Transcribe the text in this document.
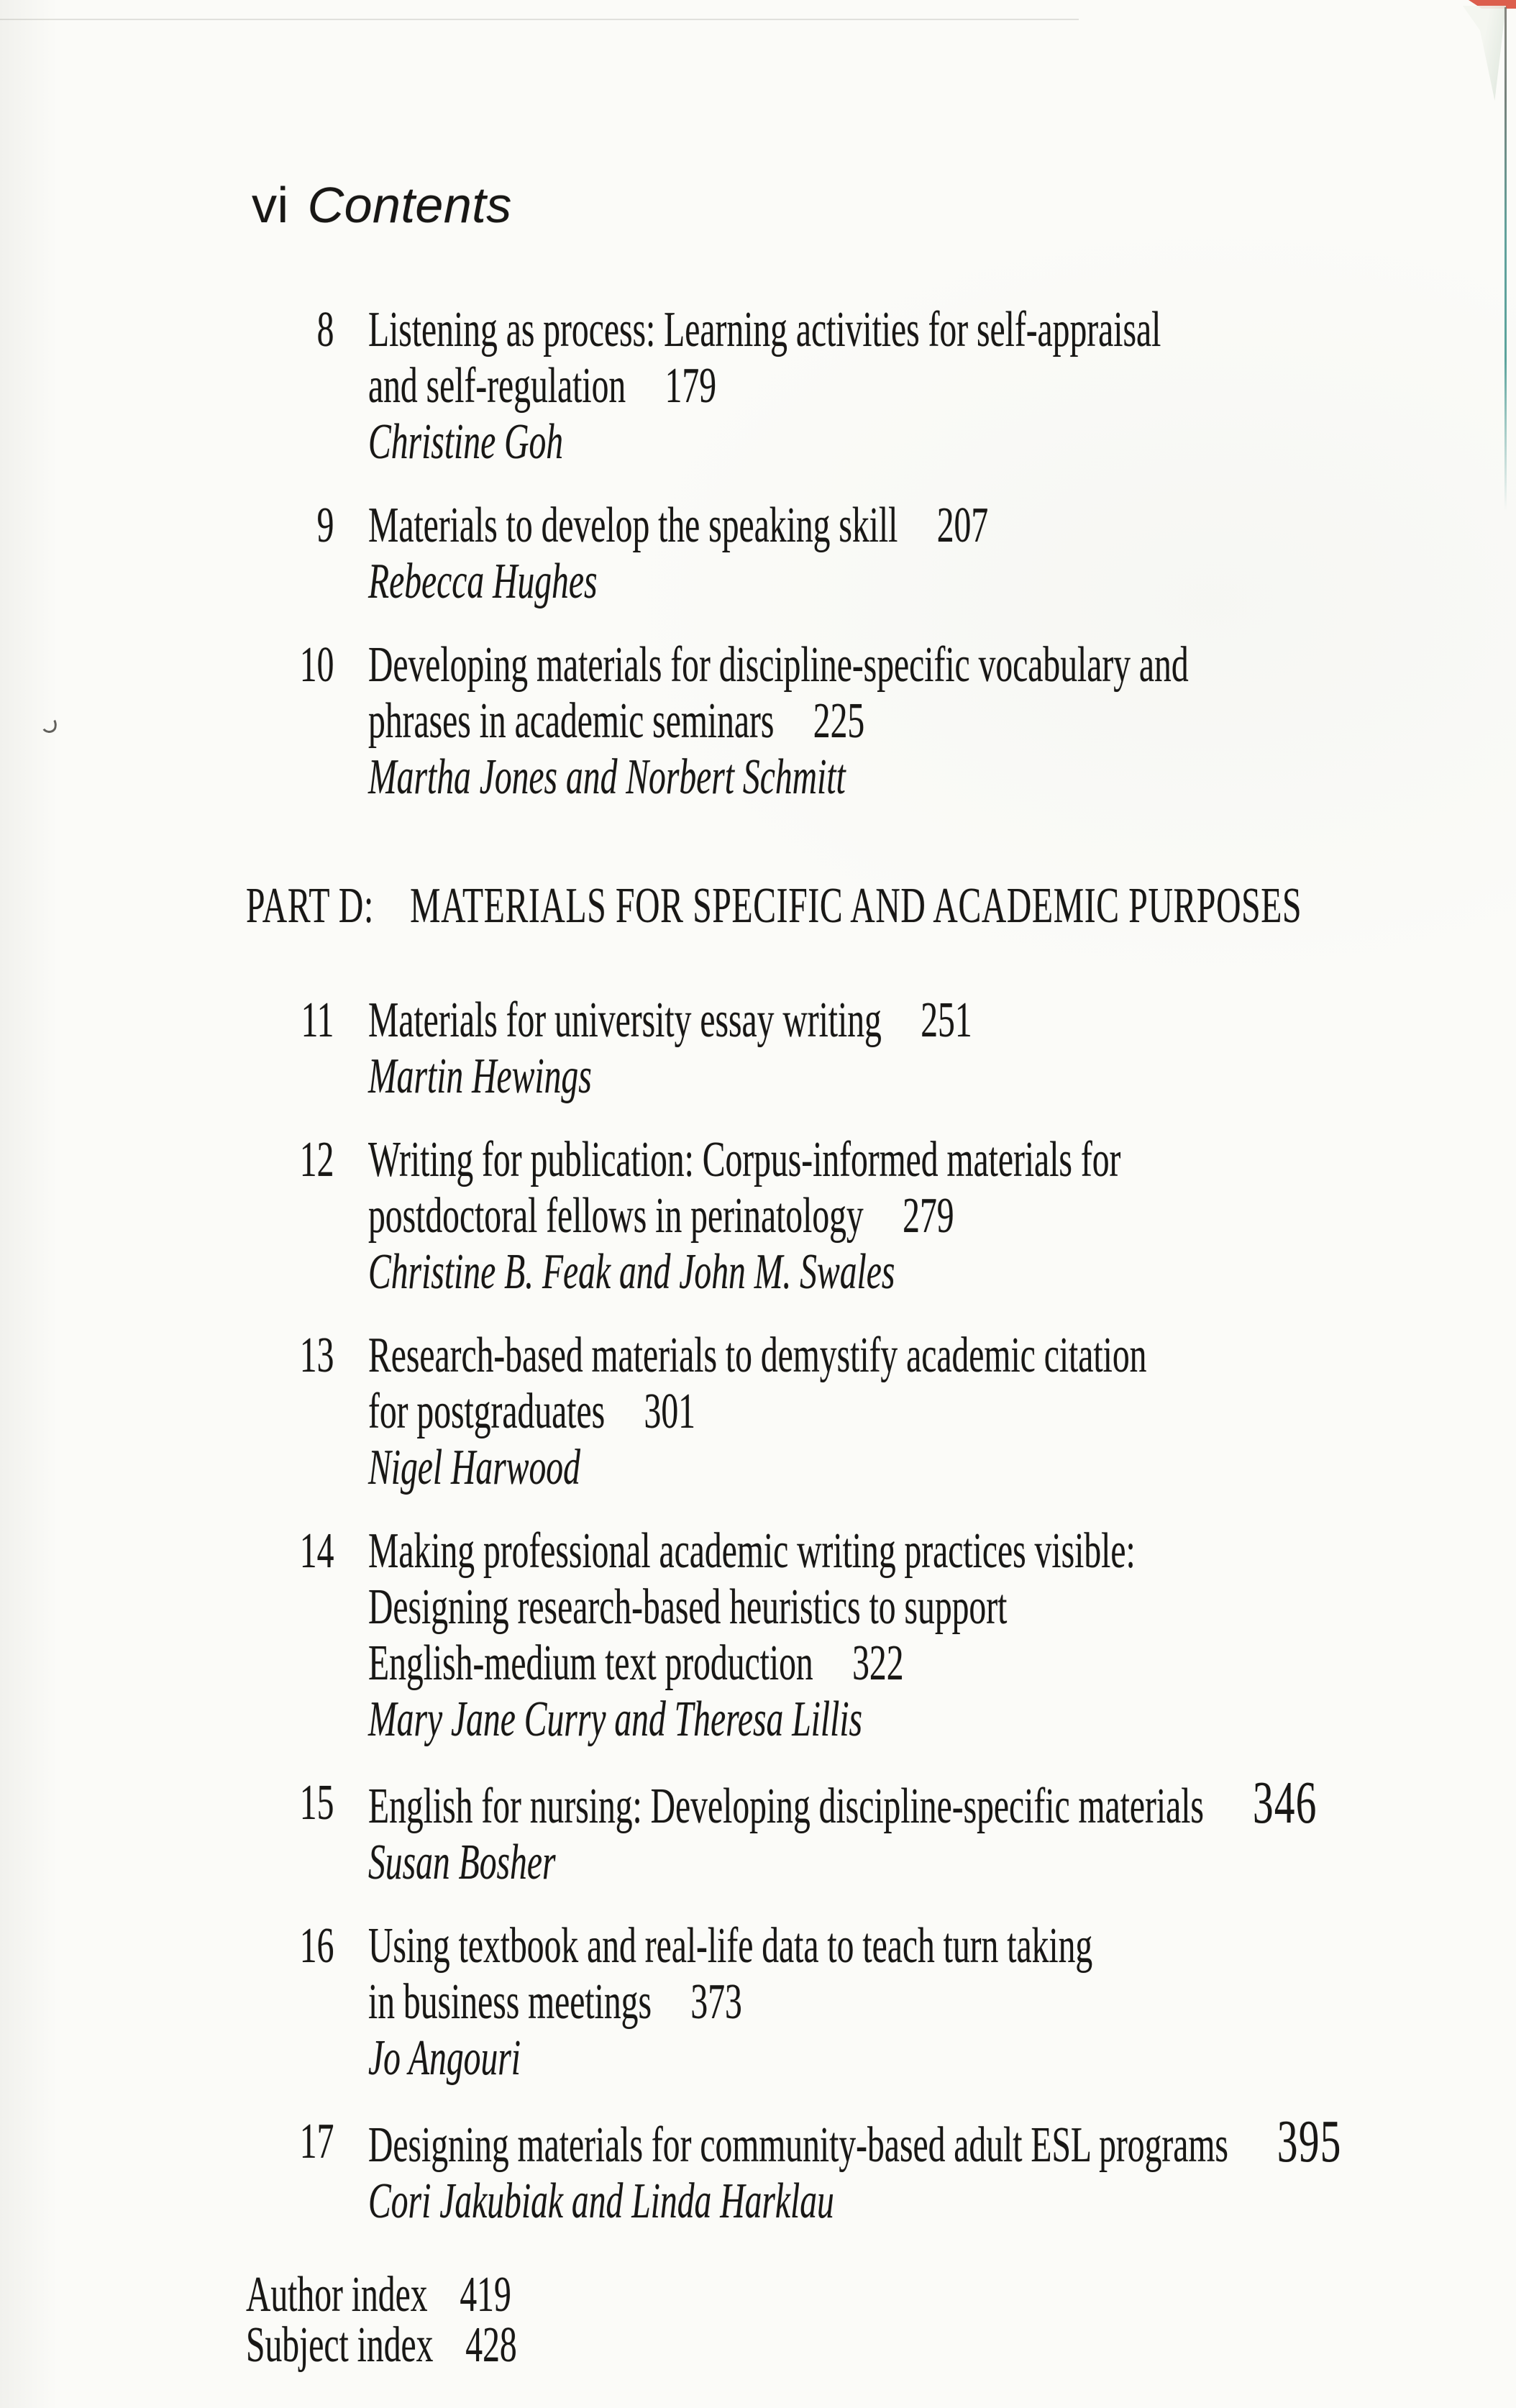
vi Contents
8 Listening as process: Learning activities for self-appraisal
and self-regulation 179
Christine Goh
9 Materials to develop the speaking skill 207
Rebecca Hughes
10 Developing materials for discipline-specific vocabulary and
phrases in academic seminars 225
Martha Jones and Norbert Schmitt
PART D: MATERIALS FOR SPECIFIC AND ACADEMIC PURPOSES
11 Materials for university essay writing 251
Martin Hewings
12 Writing for publication: Corpus-informed materials for
postdoctoral fellows in perinatology 279
Christine B. Feak and John M. Swales
13 Research-based materials to demystify academic citation
for postgraduates 301
Nigel Harwood
14 Making professional academic writing practices visible:
Designing research-based heuristics to support
English-medium text production 322
Mary Jane Curry and Theresa Lillis
15 English for nursing: Developing discipline-specific materials 346
Susan Bosher
16 Using textbook and real-life data to teach turn taking
in business meetings 373
Jo Angouri
17 Designing materials for community-based adult ESL programs 395
Cori Jakubiak and Linda Harklau
Author index 419
Subject index 428
